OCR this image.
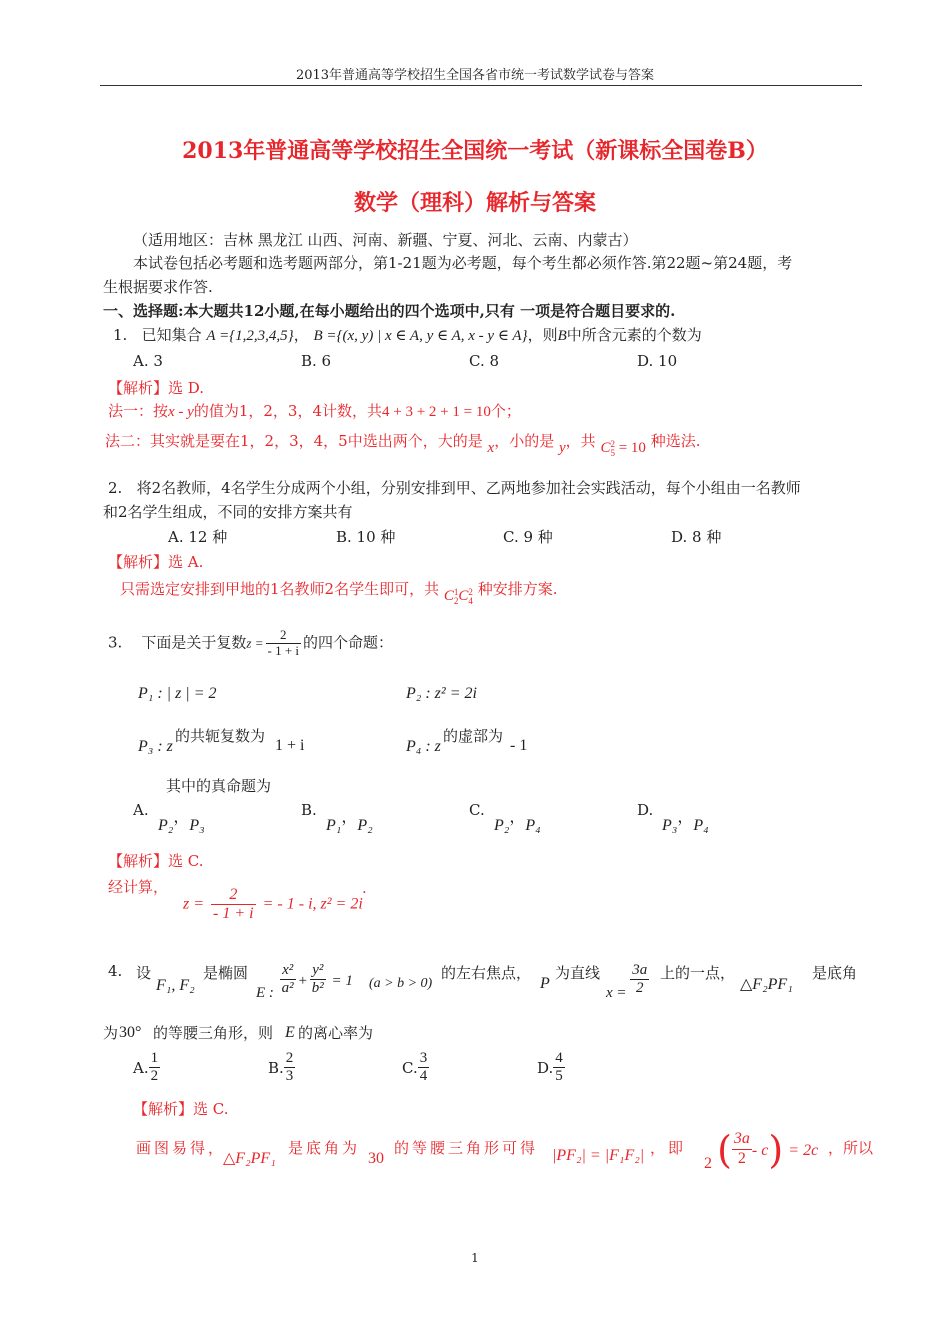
2013年普通高等学校招生全国各省市统一考试数学试卷与答案
2013年普通高等学校招生全国统一考试（新课标全国卷B）
数学（理科）解析与答案
（适用地区：吉林 黑龙江 山西、河南、新疆、宁夏、河北、云南、内蒙古）
本试卷包括必考题和选考题两部分，第1-21题为必考题，每个考生都必须作答.第22题~第24题，考
生根据要求作答.
一、选择题:本大题共12小题,在每小题给出的四个选项中,只有 一项是符合题目要求的.
1. 已知集合 A ={1,2,3,4,5}， B ={(x, y) | x ∈ A, y ∈ A, x - y ∈ A}，则B中所含元素的个数为
A. 3	B. 6	C. 8	D. 10
【解析】选 D.
法一：按x - y的值为1，2，3，4计数，共4 + 3 + 2 + 1 = 10个；
法二：其实就是要在1，2，3，4，5中选出两个，大的是 x，小的是 y，共 C 2
5 = 10 种选法.
2. 将2名教师，4名学生分成两个小组，分别安排到甲、乙两地参加社会实践活动，每个小组由一名教师
和2名学生组成，不同的安排方案共有
A. 12 种	B. 10 种	C. 9 种	D. 8 种
【解析】选 A.
只需选定安排到甲地的1名教师2名学生即可，共 C 1
2 C 2
4
种安排方案.
3. 下面是关于复数$z = \frac{2}{- 1 + i}$ 的四个命题：
P₁ : | z | = 2	P₂ : z² = 2i
P₃ : z
的共轭复数为
1 + i	P₄ : z
的虚部为
- 1
其中的真命题为
A.
P₂，P₃
B.
P₁，P₂
C.
P₂，P₄
D.
P₃，P₄
【解析】选 C.
经计算，
$z = \frac{2}{- 1 + i}$ = - 1 - i, z² = 2i.
4. 设
F₁, F₂
是椭圆
E : $\frac{\text{x²}}{\text{a²}} + \frac{\text{y²}}{\text{b²}} = 1$ (a > b > 0)
的左右焦点，
P
为直线
$x = \frac{3a}{2}$ 上的一点，
△F₂PF₁
是底角
为 30° 的等腰三角形，则 E 的离心率为
A. $\frac{1}{2}$	B. $\frac{2}{3}$	C. $\frac{3}{4}$	D. $\frac{4}{5}$
【解析】选 C.
画图易得，
△F₂PF₁
是底角为
30
的等腰三角形可得 |PF₂| = |F₁F₂| ，即
2 ( $\frac{3a}{2} - c) = 2c$ ，所以
1
